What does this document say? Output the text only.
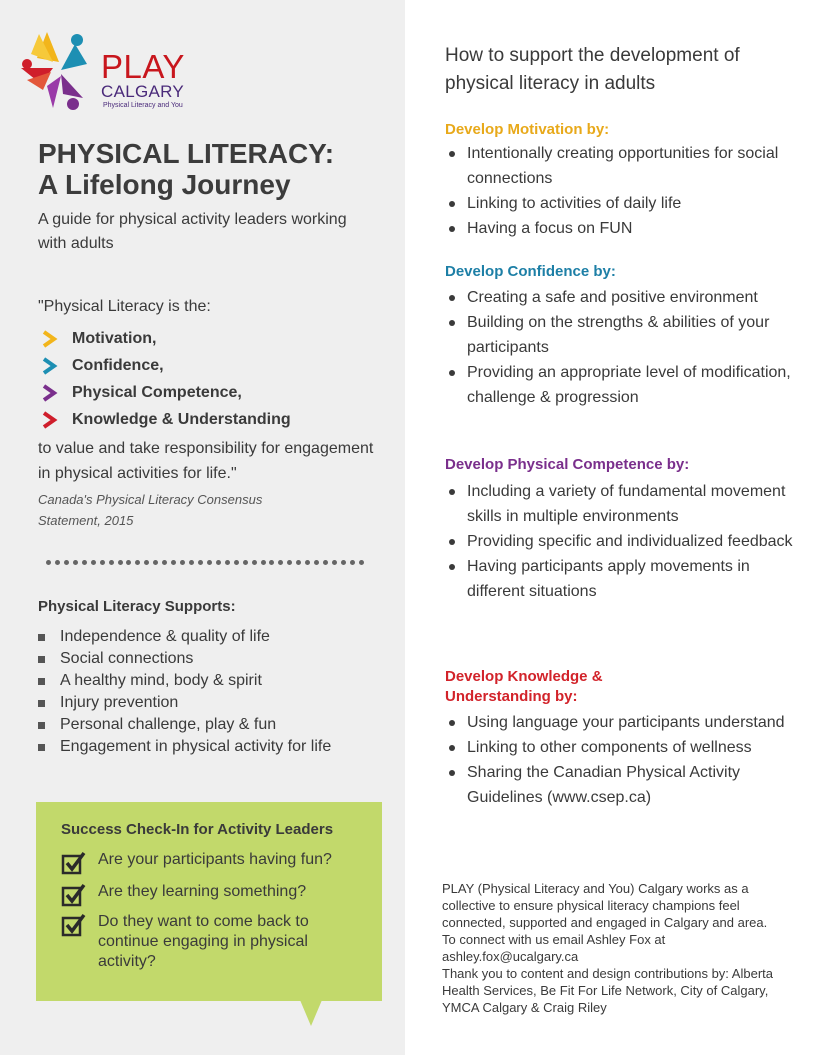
PLAY
CALGARY
Physical Literacy and You
PHYSICAL LITERACY:
A Lifelong Journey
A guide for physical activity leaders working with adults
"Physical Literacy is the:
Motivation,
Confidence,
Physical Competence,
Knowledge & Understanding
to value and take responsibility for engagement in physical activities for life."
Canada's Physical Literacy Consensus Statement, 2015
Physical Literacy Supports:
Independence & quality of life
Social connections
A healthy mind, body & spirit
Injury prevention
Personal challenge, play & fun
Engagement in physical activity for life
Success Check-In for Activity Leaders
Are your participants having fun?
Are they learning something?
Do they want to come back to continue engaging in physical activity?
How to support the development of physical literacy in adults
Develop Motivation by:
Intentionally creating opportunities for social connections
Linking to activities of daily life
Having a focus on FUN
Develop Confidence by:
Creating a safe and positive environment
Building on the strengths & abilities of your participants
Providing an appropriate level of modification, challenge & progression
Develop Physical Competence by:
Including a variety of fundamental movement skills in multiple environments
Providing specific and individualized feedback
Having participants apply movements in different situations
Develop Knowledge & Understanding by:
Using language your participants understand
Linking to other components of wellness
Sharing the Canadian Physical Activity Guidelines (www.csep.ca)
PLAY (Physical Literacy and You) Calgary works as a collective to ensure physical literacy champions feel connected, supported and engaged in Calgary and area. To connect with us email Ashley Fox at ashley.fox@ucalgary.ca
Thank you to content and design contributions by: Alberta Health Services, Be Fit For Life Network, City of Calgary, YMCA Calgary & Craig Riley
